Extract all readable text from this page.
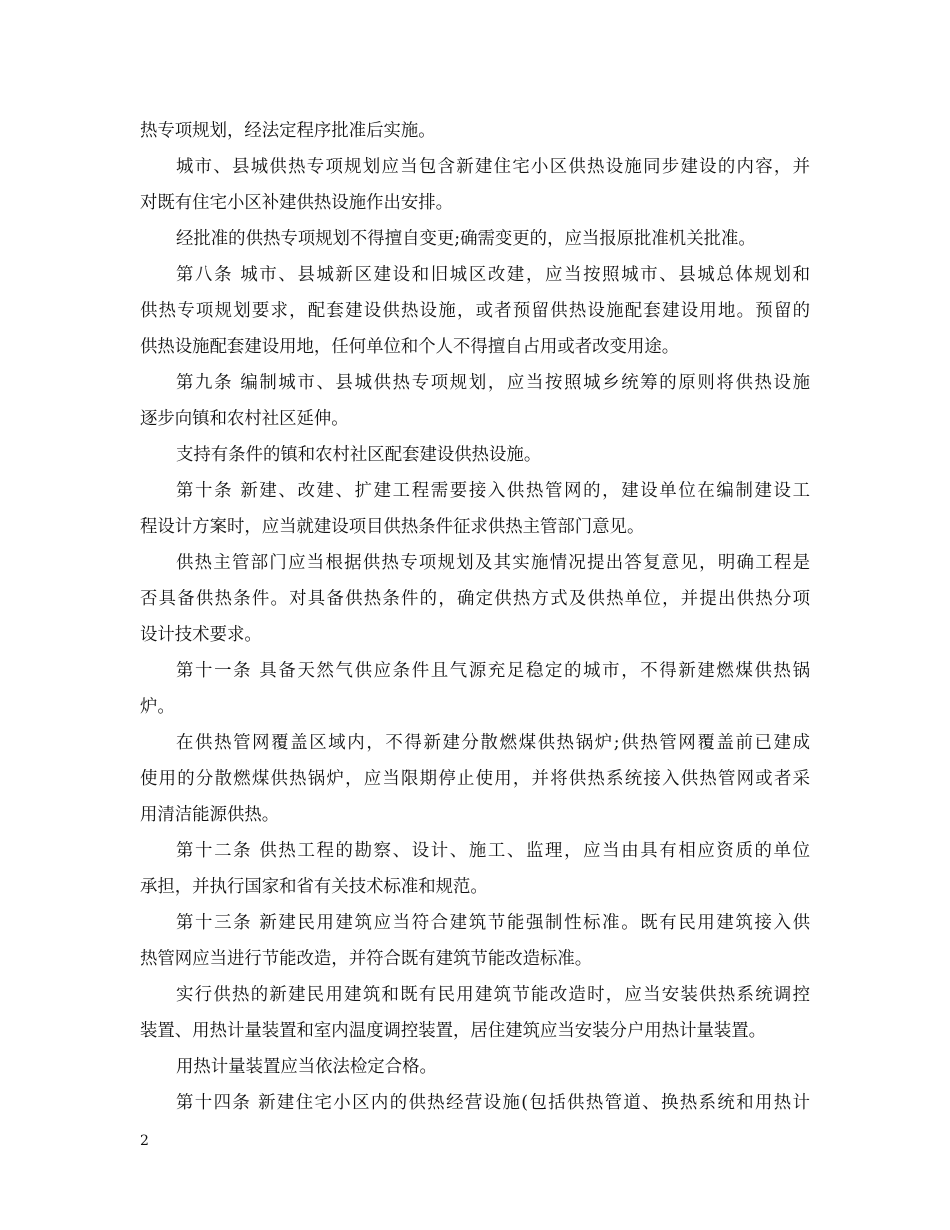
热专项规划，经法定程序批准后实施。
城市、县城供热专项规划应当包含新建住宅小区供热设施同步建设的内容，并
对既有住宅小区补建供热设施作出安排。
经批准的供热专项规划不得擅自变更;确需变更的，应当报原批准机关批准。
第八条 城市、县城新区建设和旧城区改建，应当按照城市、县城总体规划和
供热专项规划要求，配套建设供热设施，或者预留供热设施配套建设用地。预留的
供热设施配套建设用地，任何单位和个人不得擅自占用或者改变用途。
第九条 编制城市、县城供热专项规划，应当按照城乡统筹的原则将供热设施
逐步向镇和农村社区延伸。
支持有条件的镇和农村社区配套建设供热设施。
第十条 新建、改建、扩建工程需要接入供热管网的，建设单位在编制建设工
程设计方案时，应当就建设项目供热条件征求供热主管部门意见。
供热主管部门应当根据供热专项规划及其实施情况提出答复意见，明确工程是
否具备供热条件。对具备供热条件的，确定供热方式及供热单位，并提出供热分项
设计技术要求。
第十一条 具备天然气供应条件且气源充足稳定的城市，不得新建燃煤供热锅
炉。
在供热管网覆盖区域内，不得新建分散燃煤供热锅炉;供热管网覆盖前已建成
使用的分散燃煤供热锅炉，应当限期停止使用，并将供热系统接入供热管网或者采
用清洁能源供热。
第十二条 供热工程的勘察、设计、施工、监理，应当由具有相应资质的单位
承担，并执行国家和省有关技术标准和规范。
第十三条 新建民用建筑应当符合建筑节能强制性标准。既有民用建筑接入供
热管网应当进行节能改造，并符合既有建筑节能改造标准。
实行供热的新建民用建筑和既有民用建筑节能改造时，应当安装供热系统调控
装置、用热计量装置和室内温度调控装置，居住建筑应当安装分户用热计量装置。
用热计量装置应当依法检定合格。
第十四条 新建住宅小区内的供热经营设施(包括供热管道、换热系统和用热计
2
